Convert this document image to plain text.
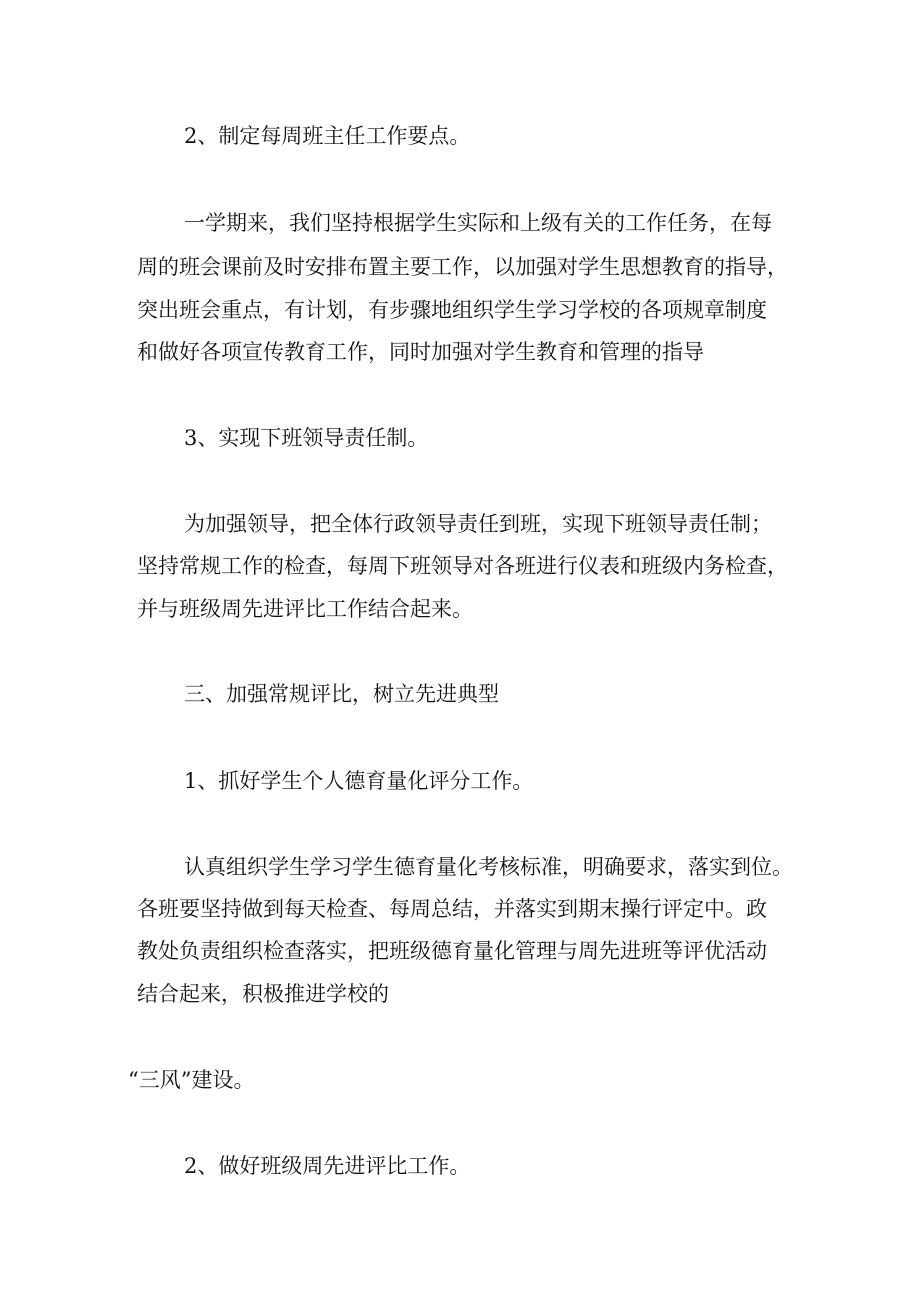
2、制定每周班主任工作要点。
一学期来，我们坚持根据学生实际和上级有关的工作任务，在每
周的班会课前及时安排布置主要工作，以加强对学生思想教育的指导，
突出班会重点，有计划，有步骤地组织学生学习学校的各项规章制度
和做好各项宣传教育工作，同时加强对学生教育和管理的指导
3、实现下班领导责任制。
为加强领导，把全体行政领导责任到班，实现下班领导责任制；
坚持常规工作的检查，每周下班领导对各班进行仪表和班级内务检查，
并与班级周先进评比工作结合起来。
三、加强常规评比，树立先进典型
1、抓好学生个人德育量化评分工作。
认真组织学生学习学生德育量化考核标准，明确要求，落实到位。
各班要坚持做到每天检查、每周总结，并落实到期末操行评定中。政
教处负责组织检查落实，把班级德育量化管理与周先进班等评优活动
结合起来，积极推进学校的
“三风”建设。
2、做好班级周先进评比工作。
